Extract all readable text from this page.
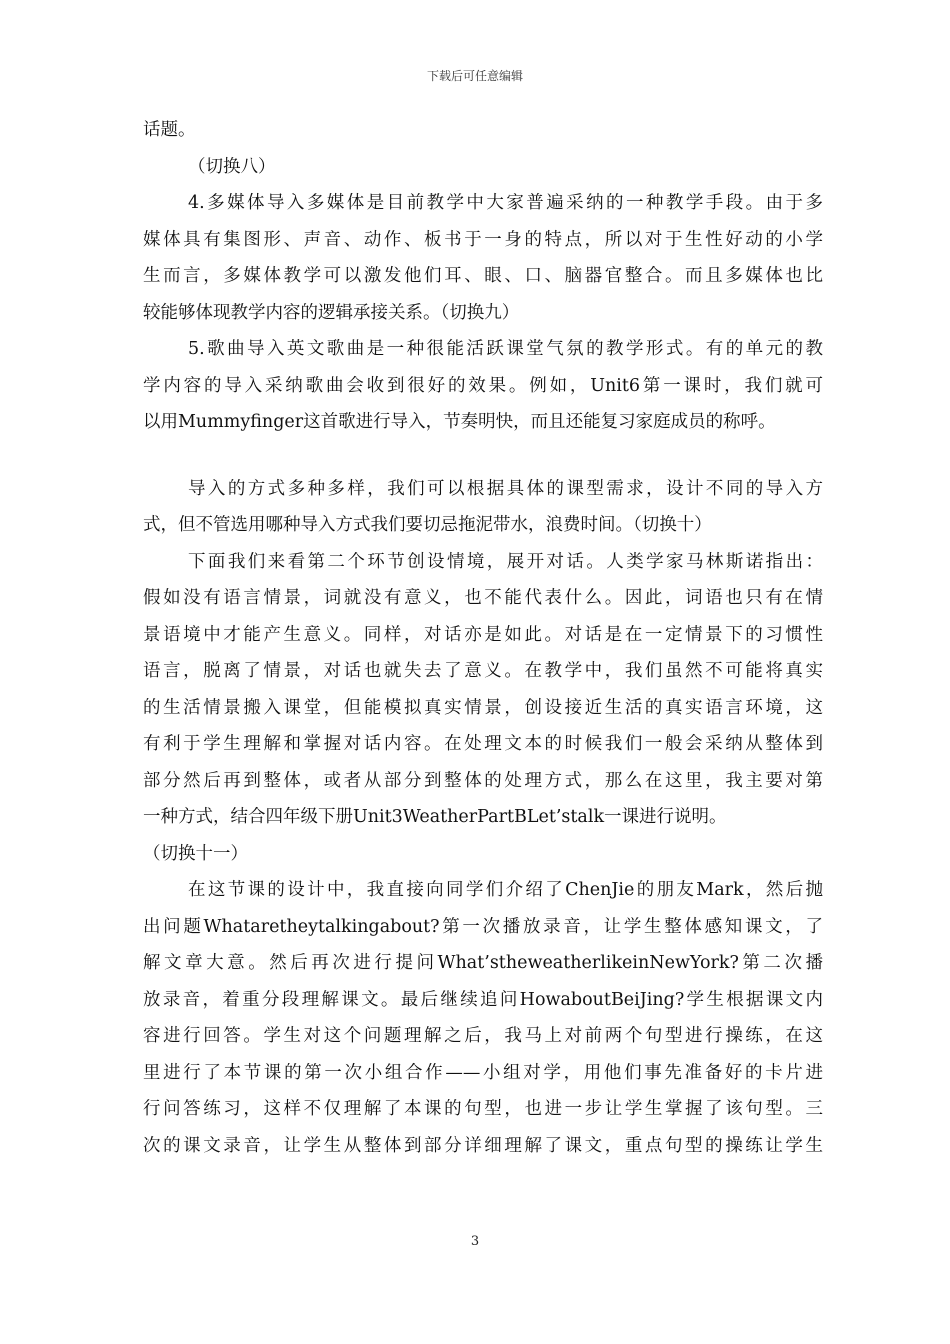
下载后可任意编辑
话题。
（切换八）
4.多媒体导入多媒体是目前教学中大家普遍采纳的一种教学手段。由于多
媒体具有集图形、声音、动作、板书于一身的特点，所以对于生性好动的小学
生而言，多媒体教学可以激发他们耳、眼、口、脑器官整合。而且多媒体也比
较能够体现教学内容的逻辑承接关系。（切换九）
5.歌曲导入英文歌曲是一种很能活跃课堂气氛的教学形式。有的单元的教
学内容的导入采纳歌曲会收到很好的效果。例如，Unit6第一课时，我们就可
以用Mummyfinger这首歌进行导入，节奏明快，而且还能复习家庭成员的称呼。
导入的方式多种多样，我们可以根据具体的课型需求，设计不同的导入方
式，但不管选用哪种导入方式我们要切忌拖泥带水，浪费时间。（切换十）
下面我们来看第二个环节创设情境，展开对话。人类学家马林斯诺指出：
假如没有语言情景，词就没有意义，也不能代表什么。因此，词语也只有在情
景语境中才能产生意义。同样，对话亦是如此。对话是在一定情景下的习惯性
语言，脱离了情景，对话也就失去了意义。在教学中，我们虽然不可能将真实
的生活情景搬入课堂，但能模拟真实情景，创设接近生活的真实语言环境，这
有利于学生理解和掌握对话内容。在处理文本的时候我们一般会采纳从整体到
部分然后再到整体，或者从部分到整体的处理方式，那么在这里，我主要对第
一种方式，结合四年级下册Unit3WeatherPartBLet’stalk一课进行说明。
（切换十一）
在这节课的设计中，我直接向同学们介绍了ChenJie的朋友Mark，然后抛
出问题Whataretheytalkingabout?第一次播放录音，让学生整体感知课文，了
解文章大意。然后再次进行提问What’stheweatherlikeinNewYork?第二次播
放录音，着重分段理解课文。最后继续追问HowaboutBeiJing?学生根据课文内
容进行回答。学生对这个问题理解之后，我马上对前两个句型进行操练，在这
里进行了本节课的第一次小组合作——小组对学，用他们事先准备好的卡片进
行问答练习，这样不仅理解了本课的句型，也进一步让学生掌握了该句型。三
次的课文录音，让学生从整体到部分详细理解了课文，重点句型的操练让学生
3
